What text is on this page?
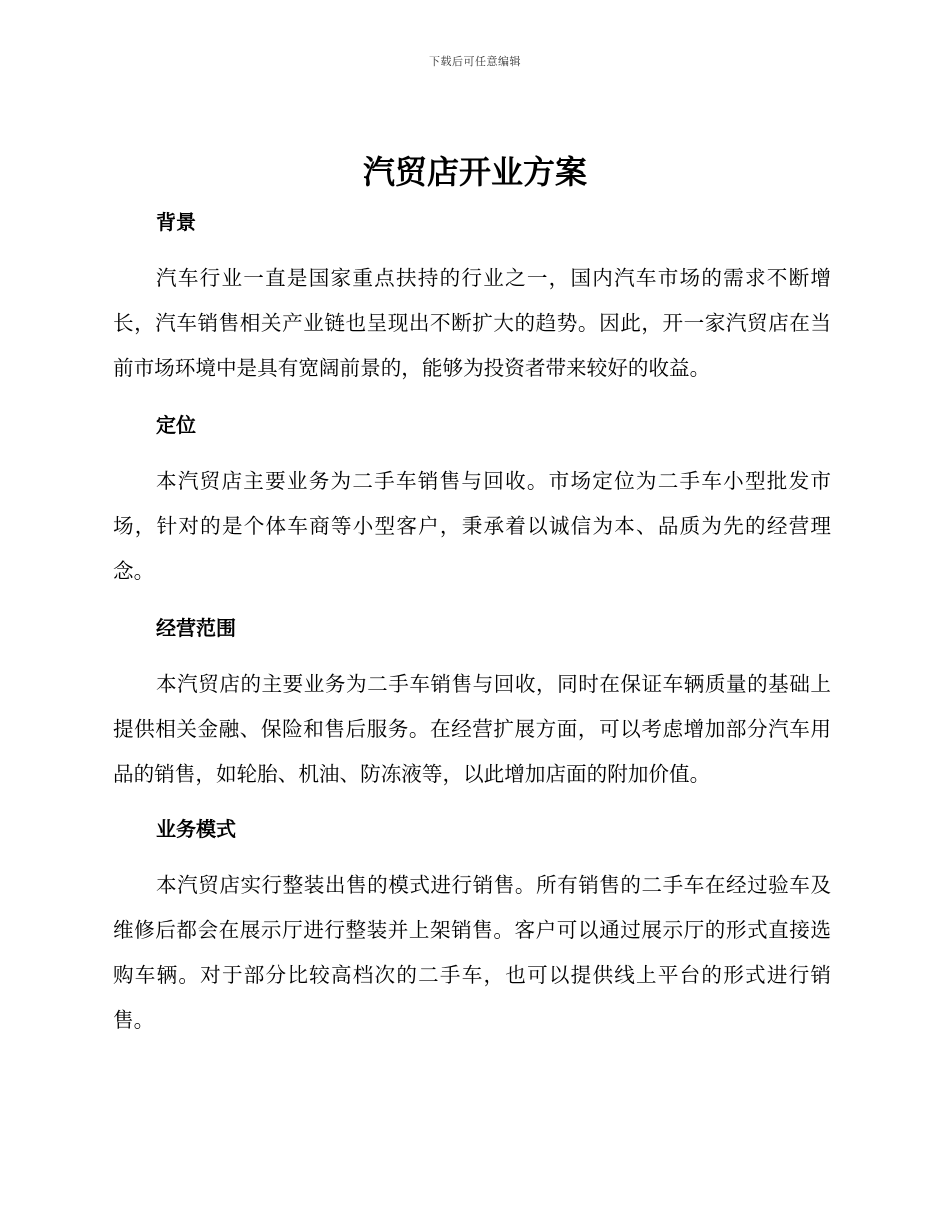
下载后可任意编辑
汽贸店开业方案
背景

汽车行业一直是国家重点扶持的行业之一，国内汽车市场的需求不断增长，汽车销售相关产业链也呈现出不断扩大的趋势。因此，开一家汽贸店在当前市场环境中是具有宽阔前景的，能够为投资者带来较好的收益。

定位

本汽贸店主要业务为二手车销售与回收。市场定位为二手车小型批发市场，针对的是个体车商等小型客户，秉承着以诚信为本、品质为先的经营理念。

经营范围

本汽贸店的主要业务为二手车销售与回收，同时在保证车辆质量的基础上提供相关金融、保险和售后服务。在经营扩展方面，可以考虑增加部分汽车用品的销售，如轮胎、机油、防冻液等，以此增加店面的附加价值。

业务模式

本汽贸店实行整装出售的模式进行销售。所有销售的二手车在经过验车及维修后都会在展示厅进行整装并上架销售。客户可以通过展示厅的形式直接选购车辆。对于部分比较高档次的二手车，也可以提供线上平台的形式进行销售。
